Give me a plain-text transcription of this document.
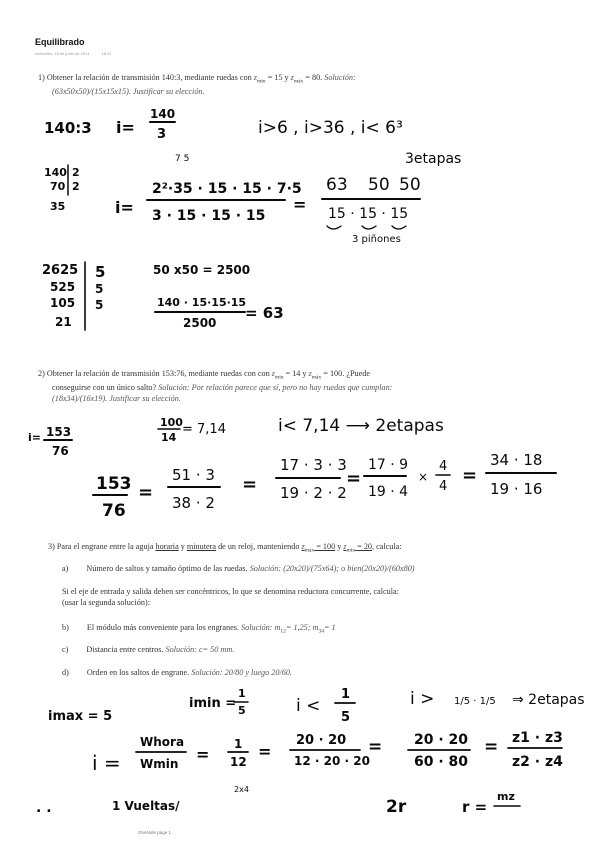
Equilibrado
miércoles, 18 de junio de 2014	18:11
1) Obtener la relación de transmisión 140:3, mediante ruedas con $z_{min} = 15$ y $z_{máx} = 80$. Solución:
(63x50x50)/(15x15x15). Justificar su elección.
2) Obtener la relación de transmisión 153:76, mediante ruedas con con $z_{min} = 14$ y $z_{máx} = 100$. ¿Puede
conseguirse con un único salto? Solución: Por relación parece que sí, pero no hay ruedas que cumplan:
(18x34)/(16x19). Justificar su elección.
3) Para el engrane entre la aguja horaria y minutera de un reloj, manteniendo $z_{max} = 100$ y $z_{min} = 20$, calcula:
a) Número de saltos y tamaño óptimo de las ruedas. Solución: (20x20)/(75x64); o bien(20x20)/(60x80)
Si el eje de entrada y salida deben ser concéntricos, lo que se denomina reductora concurrente, calcula:
(usar la segunda solución):
b) El módulo más conveniente para los engranes. Solución: $m_{12}= 1,25$; $m_{34}= 1$
c) Distancia entre centros. Solución: c= 50 mm.
d) Orden en los saltos de engrane. Solución: 20/80 y luego 20/60.
140:3 i=
140
3	i>6 , i>36 , i< 6³
3etapas
140
70
35
2
2
i=
7 5
2²·35 · 15 · 15 · 7·5
3 · 15 · 15 · 15
=
63 50 50
15 · 15 · 15
3 piñones
2625
525
105
21
5
5
5
50 x50 = 2500
140 · 15·15·15
2500
= 63
i= 153
76
100
14
= 7,14	i< 7,14 ⟶ 2etapas
153
76
=
51 · 3
38 · 2
=
17 · 3 · 3
19 · 2 · 2
=
17 · 9
19 · 4
×
4
4
=
34 · 18
19 · 16
imin =
1
5	i <
1
5
i > 1/5 · 1/5 ⇒ 2etapas
imax = 5
i =
Whora
Wmin =
1
12
=
2x4
20 · 20
12 · 20 · 20
= 20 · 20
60 · 80
= z1 · z3
z2 · z4
. .	1 Vueltas/	2r	r =
mz
OneNote page 1
